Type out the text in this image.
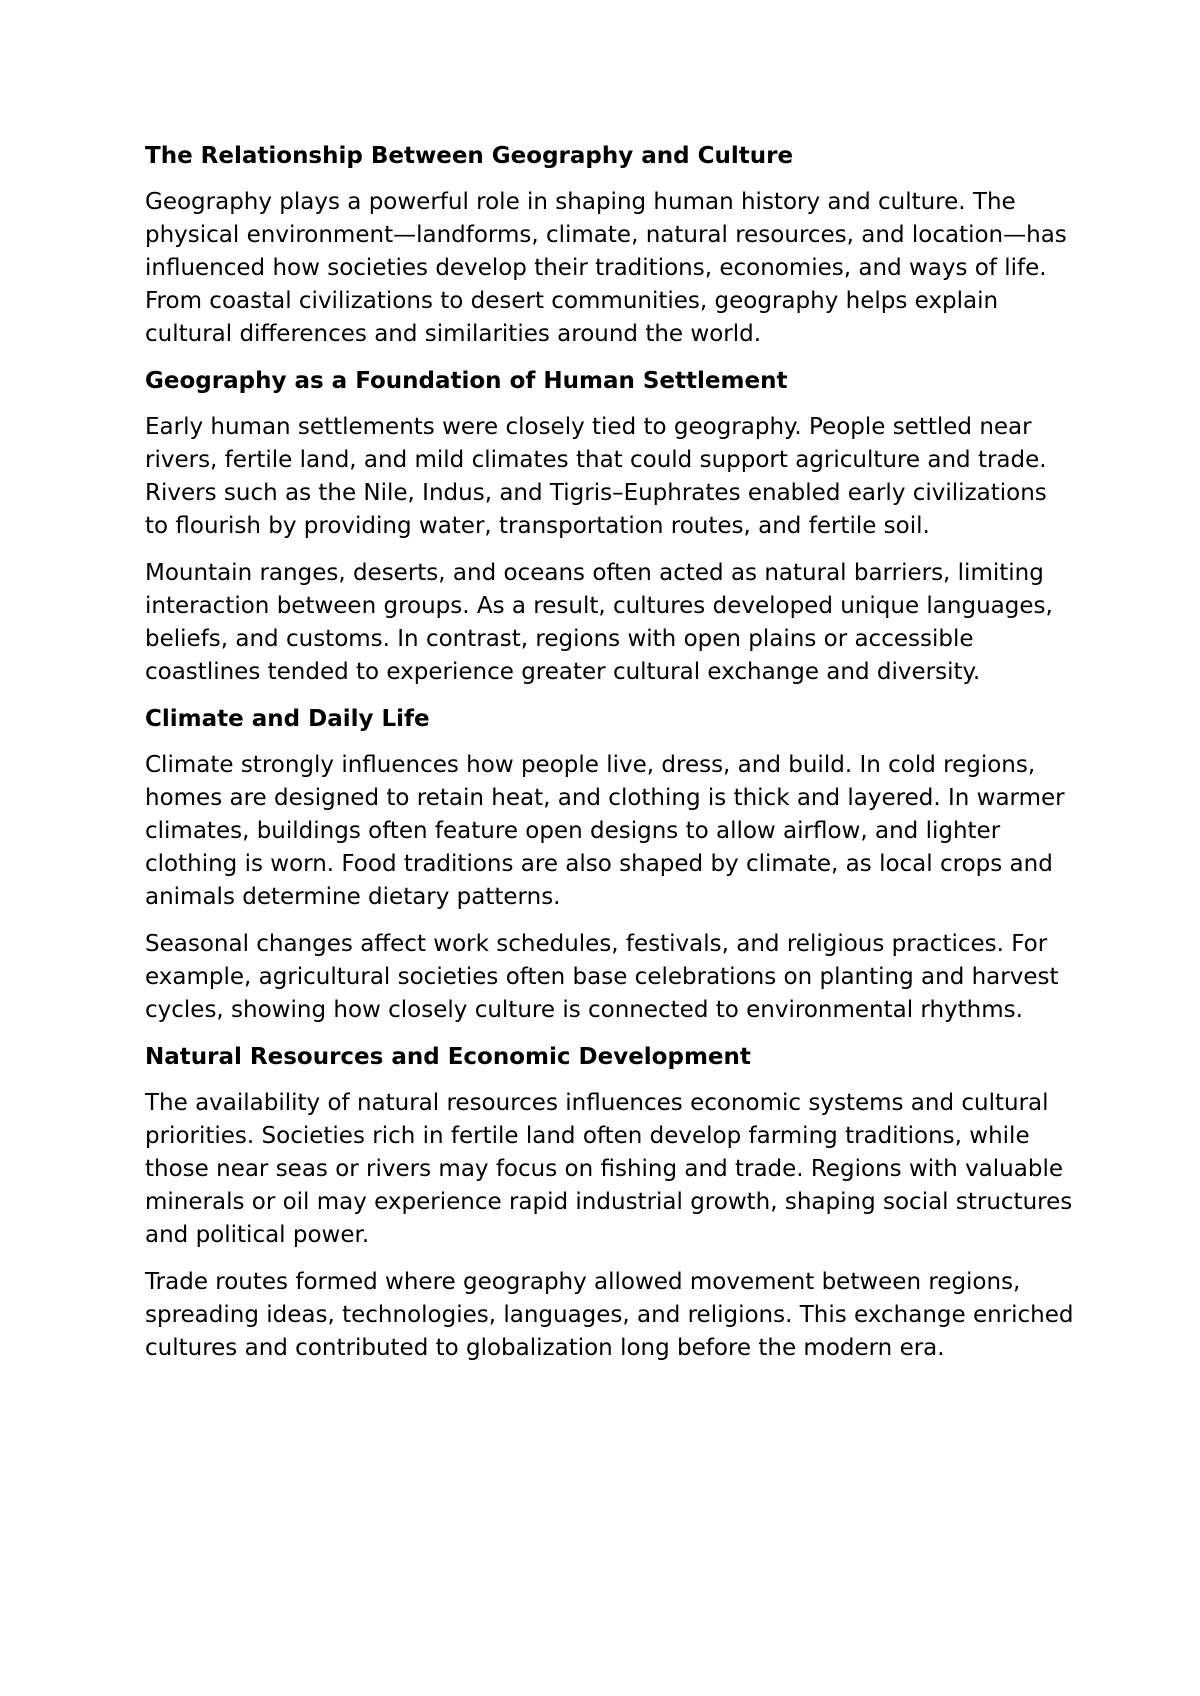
The Relationship Between Geography and Culture

Geography plays a powerful role in shaping human history and culture. The physical environment—landforms, climate, natural resources, and location—has influenced how societies develop their traditions, economies, and ways of life. From coastal civilizations to desert communities, geography helps explain cultural differences and similarities around the world.

Geography as a Foundation of Human Settlement

Early human settlements were closely tied to geography. People settled near rivers, fertile land, and mild climates that could support agriculture and trade. Rivers such as the Nile, Indus, and Tigris–Euphrates enabled early civilizations to flourish by providing water, transportation routes, and fertile soil.

Mountain ranges, deserts, and oceans often acted as natural barriers, limiting interaction between groups. As a result, cultures developed unique languages, beliefs, and customs. In contrast, regions with open plains or accessible coastlines tended to experience greater cultural exchange and diversity.

Climate and Daily Life

Climate strongly influences how people live, dress, and build. In cold regions, homes are designed to retain heat, and clothing is thick and layered. In warmer climates, buildings often feature open designs to allow airflow, and lighter clothing is worn. Food traditions are also shaped by climate, as local crops and animals determine dietary patterns.

Seasonal changes affect work schedules, festivals, and religious practices. For example, agricultural societies often base celebrations on planting and harvest cycles, showing how closely culture is connected to environmental rhythms.

Natural Resources and Economic Development

The availability of natural resources influences economic systems and cultural priorities. Societies rich in fertile land often develop farming traditions, while those near seas or rivers may focus on fishing and trade. Regions with valuable minerals or oil may experience rapid industrial growth, shaping social structures and political power.

Trade routes formed where geography allowed movement between regions, spreading ideas, technologies, languages, and religions. This exchange enriched cultures and contributed to globalization long before the modern era.
